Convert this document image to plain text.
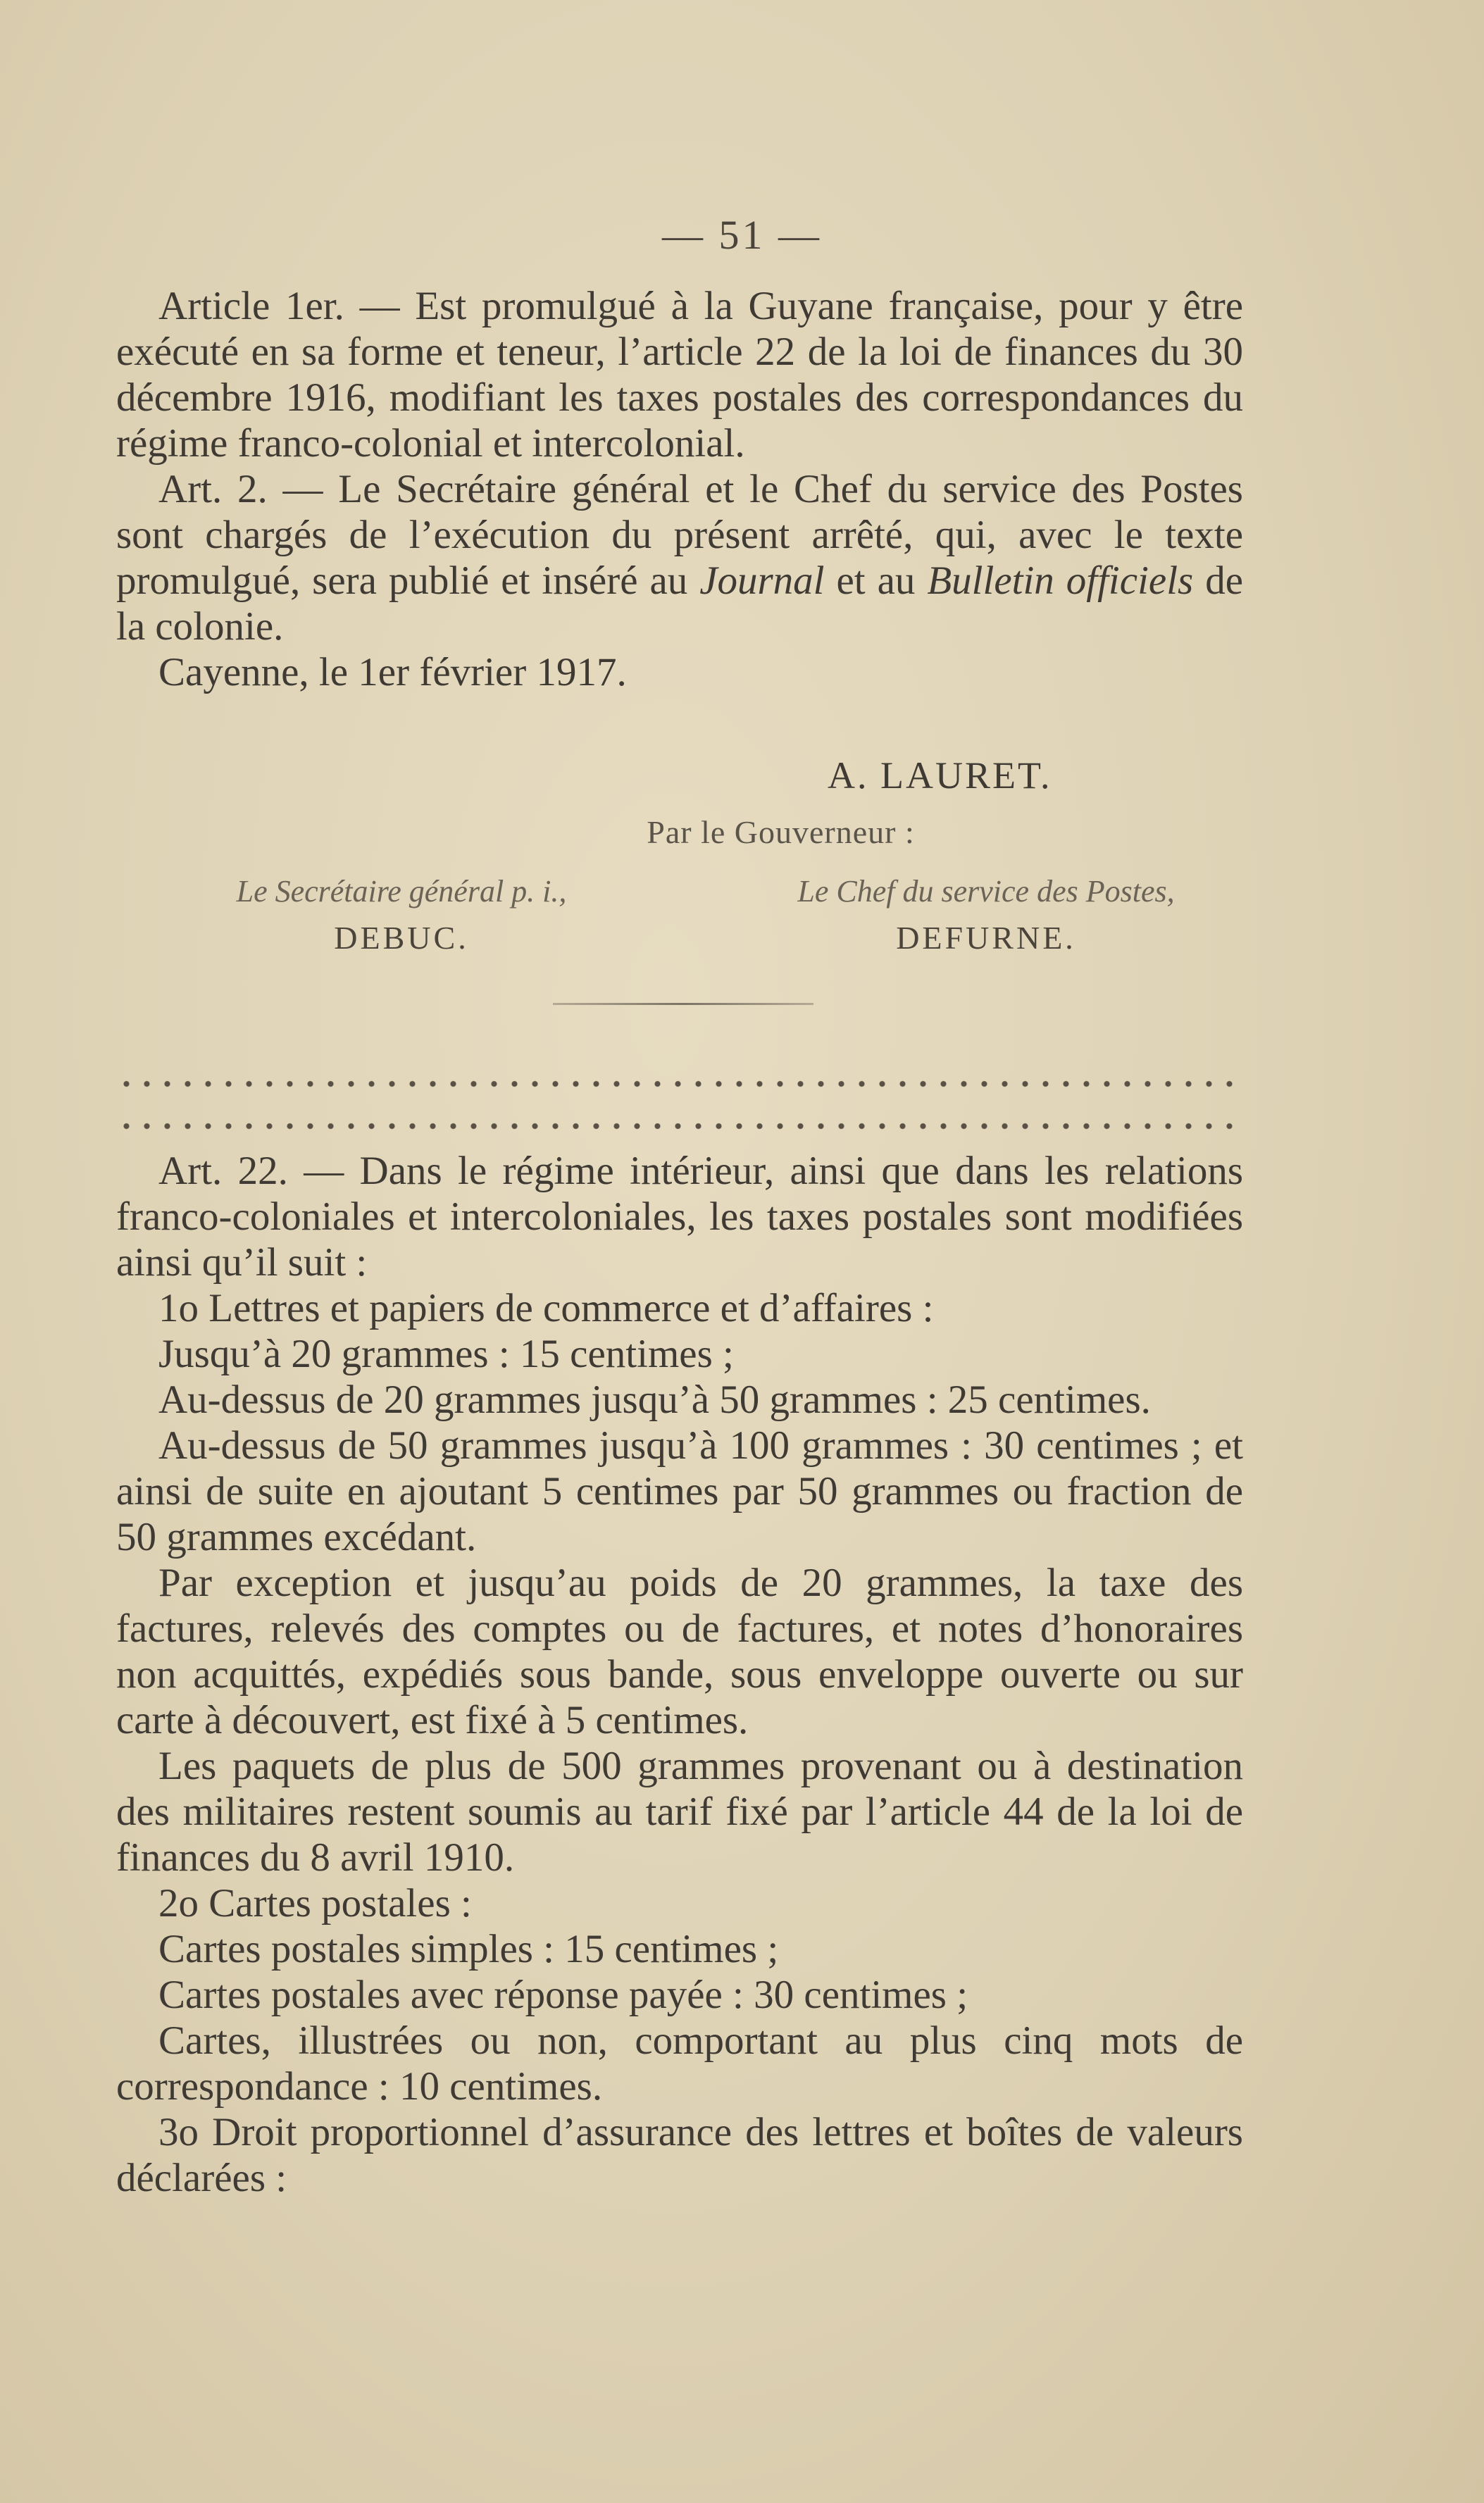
— 51 —

Article 1er. — Est promulgué à la Guyane française, pour y être exécuté en sa forme et teneur, l’article 22 de la loi de finances du 30 décembre 1916, modifiant les taxes postales des correspondances du régime franco-colonial et intercolonial.

Art. 2. — Le Secrétaire général et le Chef du service des Postes sont chargés de l’exécution du présent arrêté, qui, avec le texte promulgué, sera publié et inséré au Journal et au Bulletin officiels de la colonie.

Cayenne, le 1er février 1917.

A. LAURET.
Par le Gouverneur :
Le Secrétaire général p. i.,
DEBUC.
Le Chef du service des Postes,
DEFURNE.

Art. 22. — Dans le régime intérieur, ainsi que dans les relations franco-coloniales et intercoloniales, les taxes postales sont modifiées ainsi qu’il suit :

1o Lettres et papiers de commerce et d’affaires :

Jusqu’à 20 grammes : 15 centimes ;

Au-dessus de 20 grammes jusqu’à 50 grammes : 25 centimes.

Au-dessus de 50 grammes jusqu’à 100 grammes : 30 centimes ; et ainsi de suite en ajoutant 5 centimes par 50 grammes ou fraction de 50 grammes excédant.

Par exception et jusqu’au poids de 20 grammes, la taxe des factures, relevés des comptes ou de factures, et notes d’honoraires non acquittés, expédiés sous bande, sous enveloppe ouverte ou sur carte à découvert, est fixé à 5 centimes.

Les paquets de plus de 500 grammes provenant ou à destination des militaires restent soumis au tarif fixé par l’article 44 de la loi de finances du 8 avril 1910.

2o Cartes postales :

Cartes postales simples : 15 centimes ;

Cartes postales avec réponse payée : 30 centimes ;

Cartes, illustrées ou non, comportant au plus cinq mots de correspondance : 10 centimes.

3o Droit proportionnel d’assurance des lettres et boîtes de valeurs déclarées :
